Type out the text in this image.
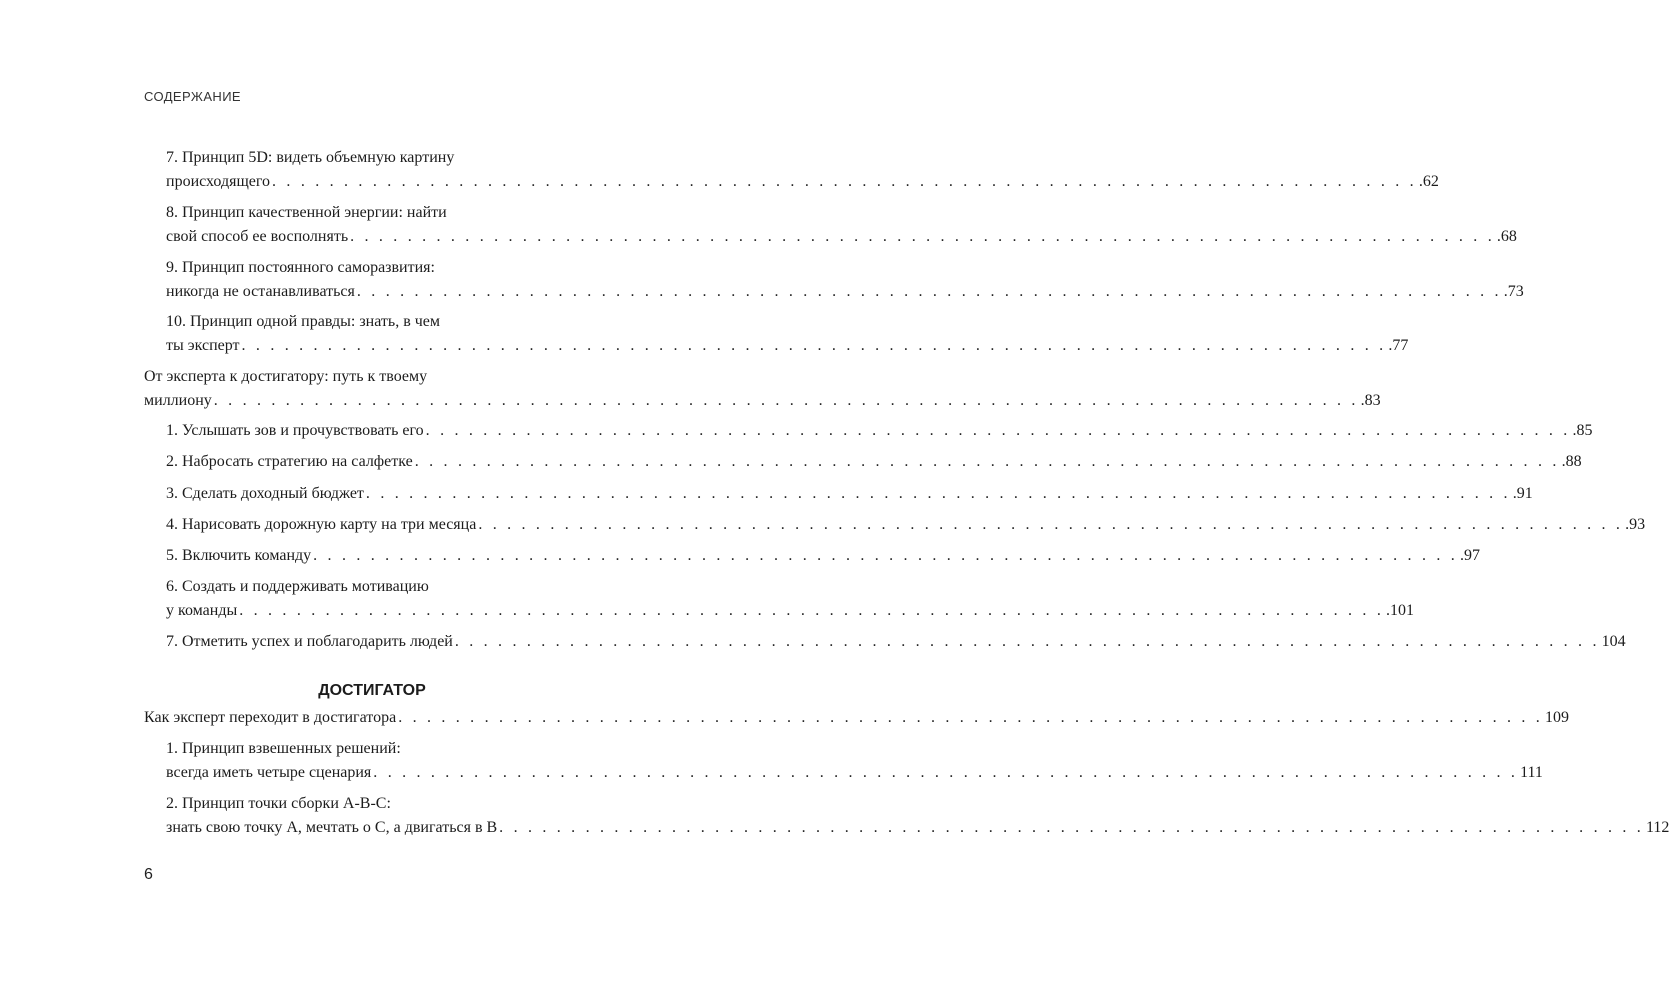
СОДЕРЖАНИЕ
7. Принцип 5D: видеть объемную картину
происходящего . . . . . . . . . . . . . . . . . . . . . . . . . . . . . . . . . . . . . . . . . . . . . . . . . . . . . . . . . . . . . . . . . . . . . . . . . . . . . . . . .62
8. Принцип качественной энергии: найти
свой способ ее восполнять . . . . . . . . . . . . . . . . . . . . . . . . . . . . . . . . . . . . . . . . . . . . . . . . . . . . . . . . . . . . . . . . . . . . . . . . . . . . . . . . .68
9. Принцип постоянного саморазвития:
никогда не останавливаться . . . . . . . . . . . . . . . . . . . . . . . . . . . . . . . . . . . . . . . . . . . . . . . . . . . . . . . . . . . . . . . . . . . . . . . . . . . . . . . . .73
10. Принцип одной правды: знать, в чем
ты эксперт . . . . . . . . . . . . . . . . . . . . . . . . . . . . . . . . . . . . . . . . . . . . . . . . . . . . . . . . . . . . . . . . . . . . . . . . . . . . . . . . .77
От эксперта к достигатору: путь к твоему
миллиону . . . . . . . . . . . . . . . . . . . . . . . . . . . . . . . . . . . . . . . . . . . . . . . . . . . . . . . . . . . . . . . . . . . . . . . . . . . . . . . . .83
1. Услышать зов и прочувствовать его . . . . . . . . . . . . . . . . . . . . . . . . . . . . . . . . . . . . . . . . . . . . . . . . . . . . . . . . . . . . . . . . . . . . . . . . . . . . . . . . .85
2. Набросать стратегию на салфетке . . . . . . . . . . . . . . . . . . . . . . . . . . . . . . . . . . . . . . . . . . . . . . . . . . . . . . . . . . . . . . . . . . . . . . . . . . . . . . . . .88
3. Сделать доходный бюджет . . . . . . . . . . . . . . . . . . . . . . . . . . . . . . . . . . . . . . . . . . . . . . . . . . . . . . . . . . . . . . . . . . . . . . . . . . . . . . . . .91
4. Нарисовать дорожную карту на три месяца . . . . . . . . . . . . . . . . . . . . . . . . . . . . . . . . . . . . . . . . . . . . . . . . . . . . . . . . . . . . . . . . . . . . . . . . . . . . . . . . .93
5. Включить команду . . . . . . . . . . . . . . . . . . . . . . . . . . . . . . . . . . . . . . . . . . . . . . . . . . . . . . . . . . . . . . . . . . . . . . . . . . . . . . . . .97
6. Создать и поддерживать мотивацию
у команды . . . . . . . . . . . . . . . . . . . . . . . . . . . . . . . . . . . . . . . . . . . . . . . . . . . . . . . . . . . . . . . . . . . . . . . . . . . . . . . . .101
7. Отметить успех и поблагодарить людей . . . . . . . . . . . . . . . . . . . . . . . . . . . . . . . . . . . . . . . . . . . . . . . . . . . . . . . . . . . . . . . . . . . . . . . . . . . . . . . . 104
ДОСТИГАТОР
Как эксперт переходит в достигатора . . . . . . . . . . . . . . . . . . . . . . . . . . . . . . . . . . . . . . . . . . . . . . . . . . . . . . . . . . . . . . . . . . . . . . . . . . . . . . . . 109
1. Принцип взвешенных решений:
всегда иметь четыре сценария . . . . . . . . . . . . . . . . . . . . . . . . . . . . . . . . . . . . . . . . . . . . . . . . . . . . . . . . . . . . . . . . . . . . . . . . . . . . . . . . 111
2. Принцип точки сборки А-В-С:
знать свою точку А, мечтать о С, а двигаться в В . . . . . . . . . . . . . . . . . . . . . . . . . . . . . . . . . . . . . . . . . . . . . . . . . . . . . . . . . . . . . . . . . . . . . . . . . . . . . . . . 112
6
